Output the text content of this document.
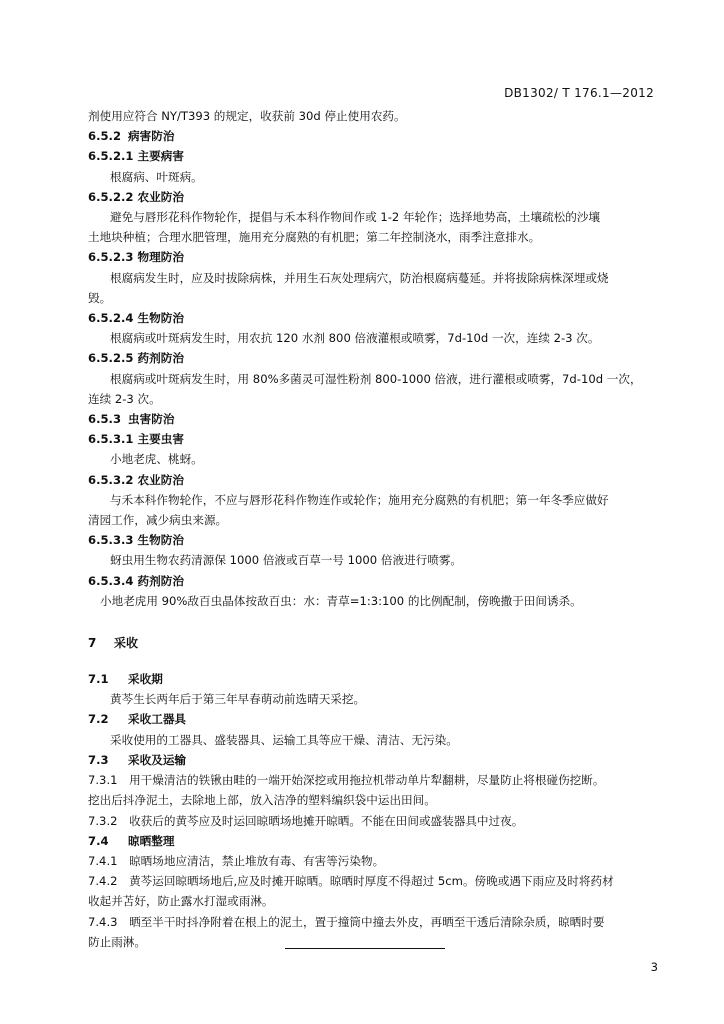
DB1302/ T 176.1—2012
剂使用应符合 NY/T393 的规定，收获前 30d 停止使用农药。
6.5.2 病害防治
6.5.2.1 主要病害
根腐病、叶斑病。
6.5.2.2 农业防治
避免与唇形花科作物轮作，提倡与禾本科作物间作或 1-2 年轮作；选择地势高，土壤疏松的沙壤
土地块种植；合理水肥管理，施用充分腐熟的有机肥；第二年控制浇水，雨季注意排水。
6.5.2.3 物理防治
根腐病发生时，应及时拔除病株，并用生石灰处理病穴，防治根腐病蔓延。并将拔除病株深埋或烧
毁。
6.5.2.4 生物防治
根腐病或叶斑病发生时，用农抗 120 水剂 800 倍液灌根或喷雾，7d-10d 一次，连续 2-3 次。
6.5.2.5 药剂防治
根腐病或叶斑病发生时，用 80%多菌灵可湿性粉剂 800-1000 倍液，进行灌根或喷雾，7d-10d 一次，
连续 2-3 次。
6.5.3 虫害防治
6.5.3.1 主要虫害
小地老虎、桃蚜。
6.5.3.2 农业防治
与禾本科作物轮作，不应与唇形花科作物连作或轮作；施用充分腐熟的有机肥；第一年冬季应做好
清园工作，减少病虫来源。
6.5.3.3 生物防治
蚜虫用生物农药清源保 1000 倍液或百草一号 1000 倍液进行喷雾。
6.5.3.4 药剂防治
小地老虎用 90%敌百虫晶体按敌百虫：水：青草=1:3:100 的比例配制，傍晚撒于田间诱杀。
7 采收
7.1 采收期
黄芩生长两年后于第三年早春萌动前选晴天采挖。
7.2 采收工器具
采收使用的工器具、盛装器具、运输工具等应干燥、清洁、无污染。
7.3 采收及运输
7.3.1　用干燥清洁的铁锹由畦的一端开始深挖或用拖拉机带动单片犁翻耕，尽量防止将根碰伤挖断。
挖出后抖净泥土，去除地上部，放入洁净的塑料编织袋中运出田间。
7.3.2　收获后的黄芩应及时运回晾晒场地摊开晾晒。不能在田间或盛装器具中过夜。
7.4 晾晒整理
7.4.1　晾晒场地应清洁，禁止堆放有毒、有害等污染物。
7.4.2　黄芩运回晾晒场地后,应及时摊开晾晒。晾晒时厚度不得超过 5cm。傍晚或遇下雨应及时将药材
收起并苫好，防止露水打湿或雨淋。
7.4.3　晒至半干时抖净附着在根上的泥土，置于撞筒中撞去外皮，再晒至干透后清除杂质，晾晒时要
防止雨淋。
3
